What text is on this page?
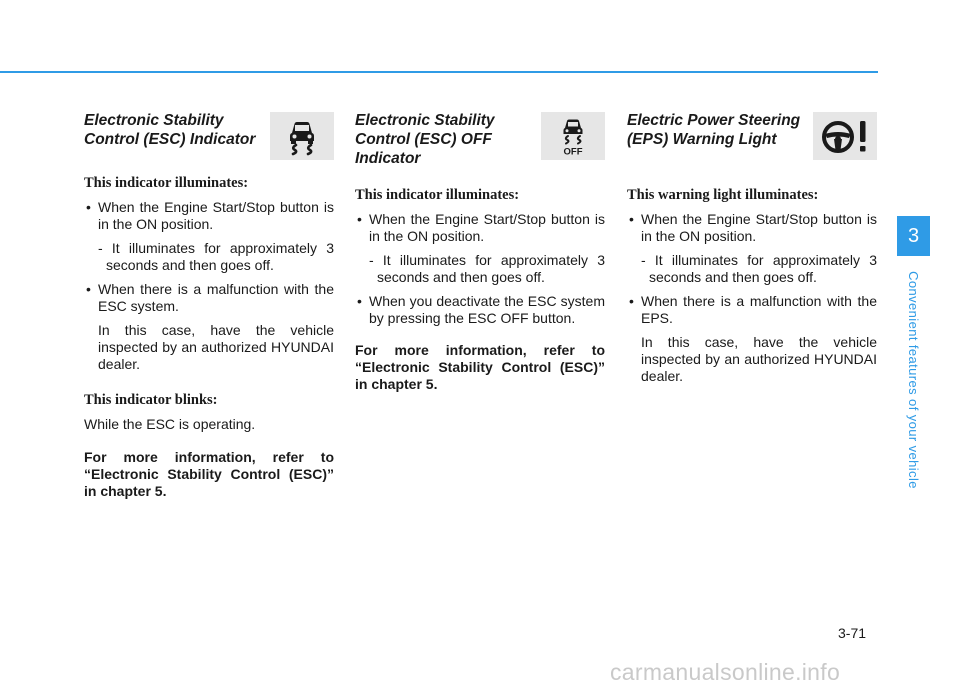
Electronic Stability Control (ESC) Indicator

This indicator illuminates:

• When the Engine Start/Stop button is in the ON position.
- It illuminates for approximately 3 seconds and then goes off.
• When there is a malfunction with the ESC system.
In this case, have the vehicle inspected by an authorized HYUNDAI dealer.

This indicator blinks:

While the ESC is operating.

For more information, refer to “Electronic Stability Control (ESC)” in chapter 5.

Electronic Stability Control (ESC) OFF Indicator	OFF

This indicator illuminates:

• When the Engine Start/Stop button is in the ON position.
- It illuminates for approximately 3 seconds and then goes off.
• When you deactivate the ESC system by pressing the ESC OFF button.

For more information, refer to “Electronic Stability Control (ESC)” in chapter 5.

Electric Power Steering (EPS) Warning Light

This warning light illuminates:

• When the Engine Start/Stop button is in the ON position.
- It illuminates for approximately 3 seconds and then goes off.
• When there is a malfunction with the EPS.
In this case, have the vehicle inspected by an authorized HYUNDAI dealer.
3
Convenient features of your vehicle
3-71
carmanualsonline.info
